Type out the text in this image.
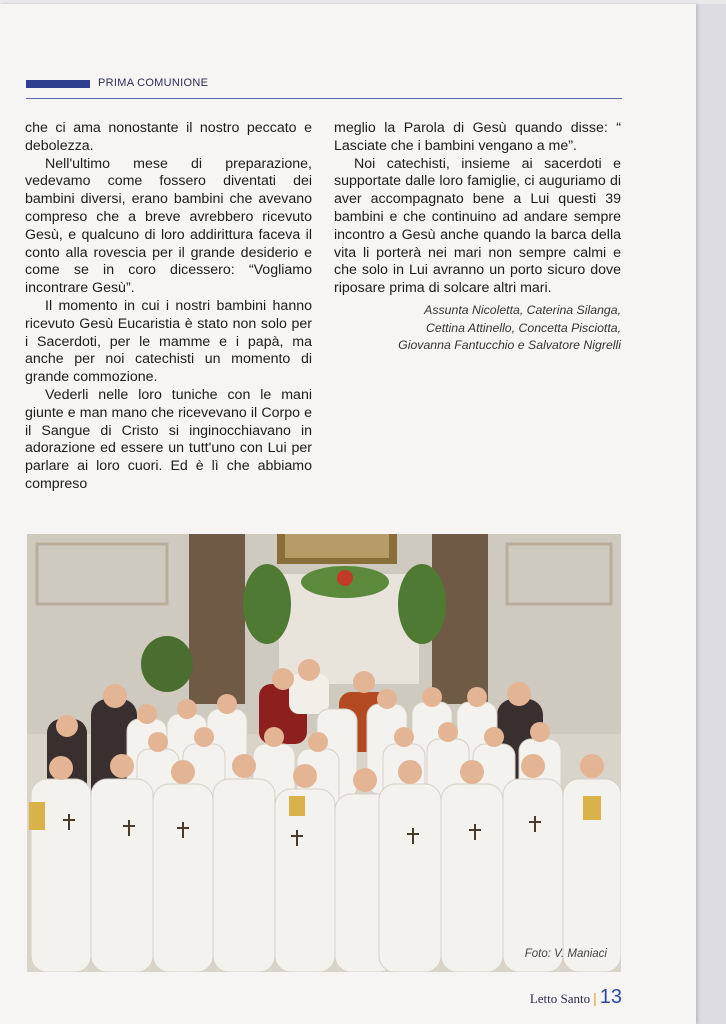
PRIMA COMUNIONE

che ci ama nonostante il nostro peccato e debolezza.

Nell'ultimo mese di preparazione, vedevamo come fossero diventati dei bambini diversi, erano bambini che avevano compreso che a breve avrebbero ricevuto Gesù, e qualcuno di loro addirittura faceva il conto alla rovescia per il grande desiderio e come se in coro dicessero: “Vogliamo incontrare Gesù”.

Il momento in cui i nostri bambini hanno ricevuto Gesù Eucaristia è stato non solo per i Sacerdoti, per le mamme e i papà, ma anche per noi catechisti un momento di grande commozione.

Vederli nelle loro tuniche con le mani giunte e man mano che ricevevano il Corpo e il Sangue di Cristo si inginocchiavano in adorazione ed essere un tutt'uno con Lui per parlare ai loro cuori. Ed è lì che abbiamo compreso

meglio la Parola di Gesù quando disse: “ Lasciate che i bambini vengano a me”.

Noi catechisti, insieme ai sacerdoti e supportate dalle loro famiglie, ci auguriamo di aver accompagnato bene a Lui questi 39 bambini e che continuino ad andare sempre incontro a Gesù anche quando la barca della vita li porterà nei mari non sempre calmi e che solo in Lui avranno un porto sicuro dove riposare prima di solcare altri mari.

Assunta Nicoletta, Caterina Silanga,
Cettina Attinello, Concetta Pisciotta,
Giovanna Fantucchio e Salvatore Nigrelli
Foto: V. Maniaci
Letto Santo | 13
